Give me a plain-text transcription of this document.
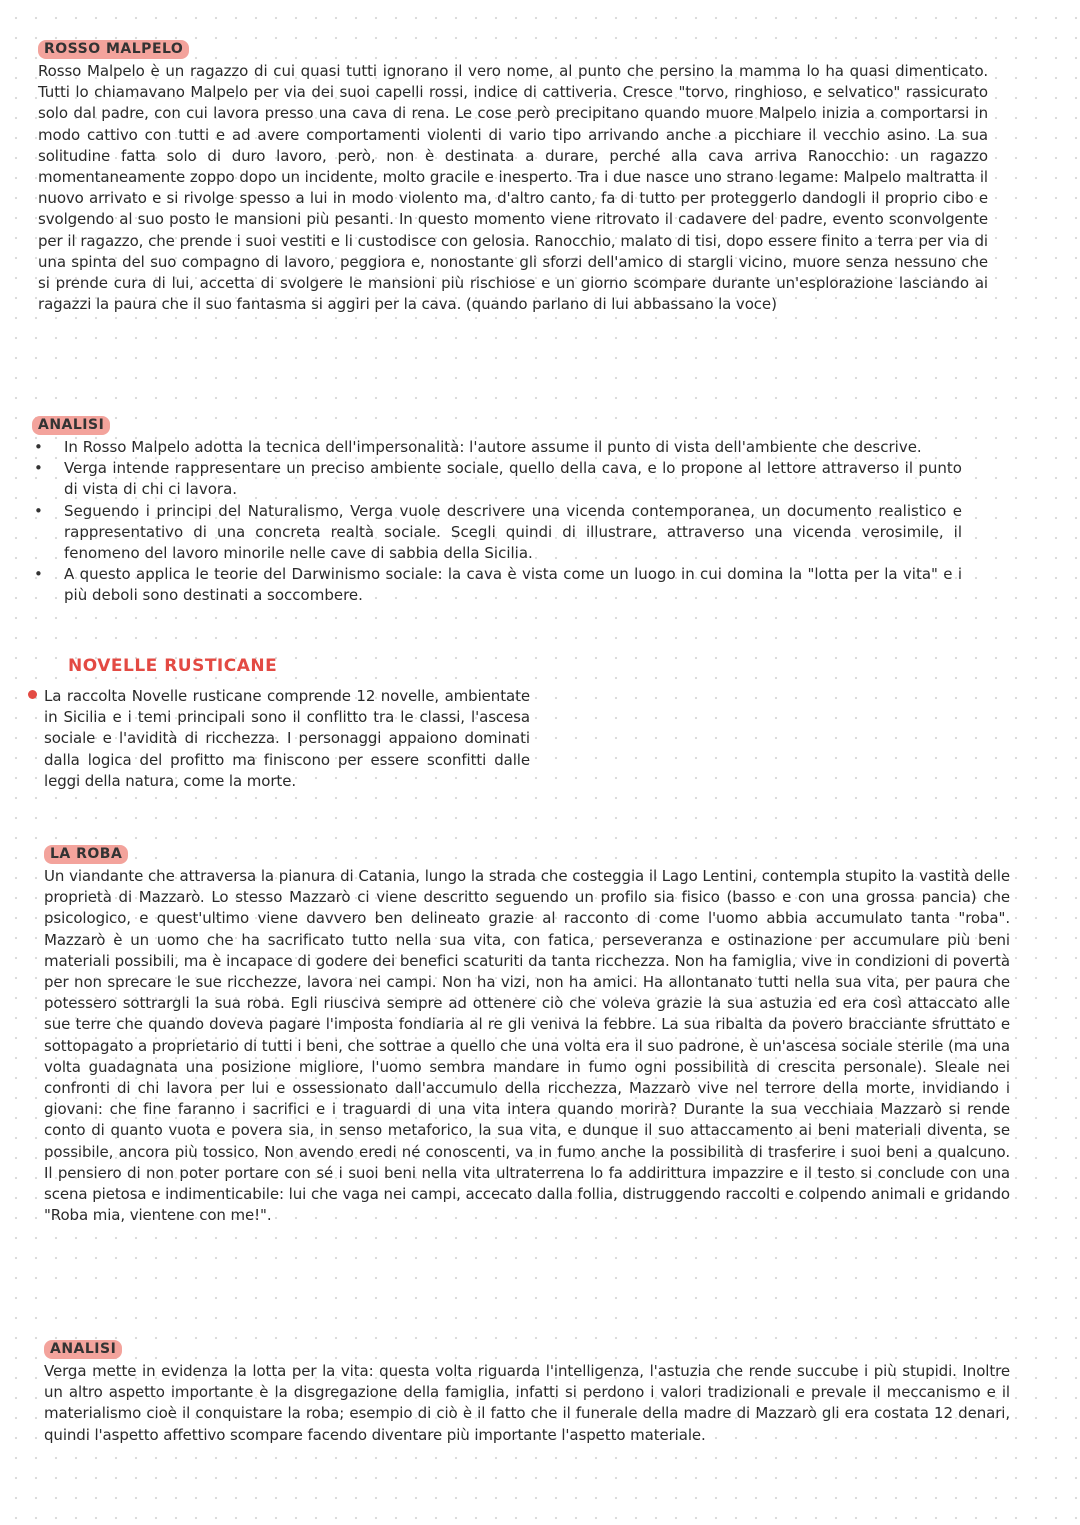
ROSSO MALPELO

Rosso Malpelo è un ragazzo di cui quasi tutti ignorano il vero nome, al punto che persino la mamma lo ha quasi dimenticato. Tutti lo chiamavano Malpelo per via dei suoi capelli rossi, indice di cattiveria. Cresce "torvo, ringhioso, e selvatico" rassicurato solo dal padre, con cui lavora presso una cava di rena. Le cose però precipitano quando muore Malpelo inizia a comportarsi in modo cattivo con tutti e ad avere comportamenti violenti di vario tipo arrivando anche a picchiare il vecchio asino. La sua solitudine fatta solo di duro lavoro, però, non è destinata a durare, perché alla cava arriva Ranocchio: un ragazzo momentaneamente zoppo dopo un incidente, molto gracile e inesperto. Tra i due nasce uno strano legame: Malpelo maltratta il nuovo arrivato e si rivolge spesso a lui in modo violento ma, d'altro canto, fa di tutto per proteggerlo dandogli il proprio cibo e svolgendo al suo posto le mansioni più pesanti. In questo momento viene ritrovato il cadavere del padre, evento sconvolgente per il ragazzo, che prende i suoi vestiti e li custodisce con gelosia. Ranocchio, malato di tisi, dopo essere finito a terra per via di una spinta del suo compagno di lavoro, peggiora e, nonostante gli sforzi dell'amico di stargli vicino, muore senza nessuno che si prende cura di lui, accetta di svolgere le mansioni più rischiose e un giorno scompare durante un'esplorazione lasciando ai ragazzi la paura che il suo fantasma si aggiri per la cava. (quando parlano di lui abbassano la voce)

ANALISI
• In Rosso Malpelo adotta la tecnica dell'impersonalità: l'autore assume il punto di vista dell'ambiente che descrive.
• Verga intende rappresentare un preciso ambiente sociale, quello della cava, e lo propone al lettore attraverso il punto di vista di chi ci lavora.
• Seguendo i principi del Naturalismo, Verga vuole descrivere una vicenda contemporanea, un documento realistico e rappresentativo di una concreta realtà sociale. Scegli quindi di illustrare, attraverso una vicenda verosimile, il fenomeno del lavoro minorile nelle cave di sabbia della Sicilia.
• A questo applica le teorie del Darwinismo sociale: la cava è vista come un luogo in cui domina la "lotta per la vita" e i più deboli sono destinati a soccombere.
NOVELLE RUSTICANE

La raccolta Novelle rusticane comprende 12 novelle, ambientate in Sicilia e i temi principali sono il conflitto tra le classi, l'ascesa sociale e l'avidità di ricchezza. I personaggi appaiono dominati dalla logica del profitto ma finiscono per essere sconfitti dalle leggi della natura, come la morte.

LA ROBA

Un viandante che attraversa la pianura di Catania, lungo la strada che costeggia il Lago Lentini, contempla stupito la vastità delle proprietà di Mazzarò. Lo stesso Mazzarò ci viene descritto seguendo un profilo sia fisico (basso e con una grossa pancia) che psicologico, e quest'ultimo viene davvero ben delineato grazie al racconto di come l'uomo abbia accumulato tanta "roba". Mazzarò è un uomo che ha sacrificato tutto nella sua vita, con fatica, perseveranza e ostinazione per accumulare più beni materiali possibili, ma è incapace di godere dei benefici scaturiti da tanta ricchezza. Non ha famiglia, vive in condizioni di povertà per non sprecare le sue ricchezze, lavora nei campi. Non ha vizi, non ha amici. Ha allontanato tutti nella sua vita, per paura che potessero sottrargli la sua roba. Egli riusciva sempre ad ottenere ciò che voleva grazie la sua astuzia ed era così attaccato alle sue terre che quando doveva pagare l'imposta fondiaria al re gli veniva la febbre. La sua ribalta da povero bracciante sfruttato e sottopagato a proprietario di tutti i beni, che sottrae a quello che una volta era il suo padrone, è un'ascesa sociale sterile (ma una volta guadagnata una posizione migliore, l'uomo sembra mandare in fumo ogni possibilità di crescita personale). Sleale nei confronti di chi lavora per lui e ossessionato dall'accumulo della ricchezza, Mazzarò vive nel terrore della morte, invidiando i giovani: che fine faranno i sacrifici e i traguardi di una vita intera quando morirà? Durante la sua vecchiaia Mazzarò si rende conto di quanto vuota e povera sia, in senso metaforico, la sua vita, e dunque il suo attaccamento ai beni materiali diventa, se possibile, ancora più tossico. Non avendo eredi né conoscenti, va in fumo anche la possibilità di trasferire i suoi beni a qualcuno. Il pensiero di non poter portare con sé i suoi beni nella vita ultraterrena lo fa addirittura impazzire e il testo si conclude con una scena pietosa e indimenticabile: lui che vaga nei campi, accecato dalla follia, distruggendo raccolti e colpendo animali e gridando "Roba mia, vientene con me!".

ANALISI

Verga mette in evidenza la lotta per la vita: questa volta riguarda l'intelligenza, l'astuzia che rende succube i più stupidi. Inoltre un altro aspetto importante è la disgregazione della famiglia, infatti si perdono i valori tradizionali e prevale il meccanismo e il materialismo cioè il conquistare la roba; esempio di ciò è il fatto che il funerale della madre di Mazzarò gli era costata 12 denari, quindi l'aspetto affettivo scompare facendo diventare più importante l'aspetto materiale.
